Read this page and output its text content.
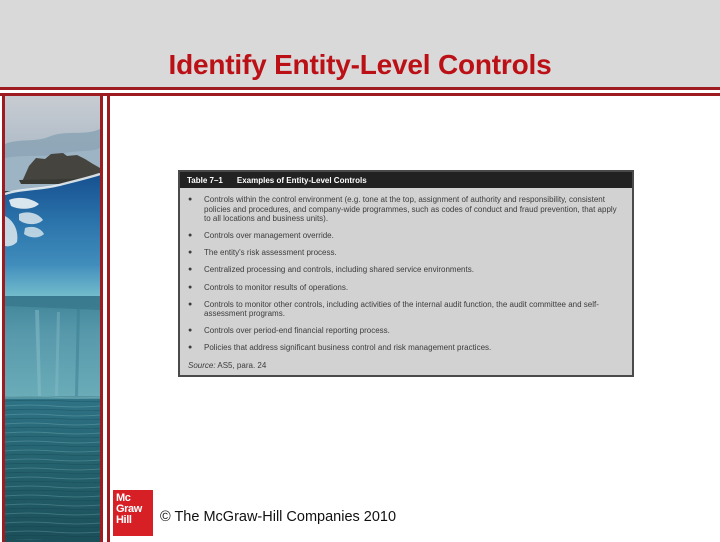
Identify Entity-Level Controls
Table 7–1 Examples of Entity-Level Controls
●	Controls within the control environment (e.g. tone at the top, assignment of authority and responsibility, consistent policies and procedures, and company-wide programmes, such as codes of conduct and fraud prevention, that apply to all locations and business units).
●	Controls over management override.
●	The entity's risk assessment process.
●	Centralized processing and controls, including shared service environments.
●	Controls to monitor results of operations.
●	Controls to monitor other controls, including activities of the internal audit function, the audit committee and self-assessment programs.
●	Controls over period-end financial reporting process.
●	Policies that address significant business control and risk management practices.
Source: AS5, para. 24
Mc
Graw
Hill	© The McGraw-Hill Companies 2010
